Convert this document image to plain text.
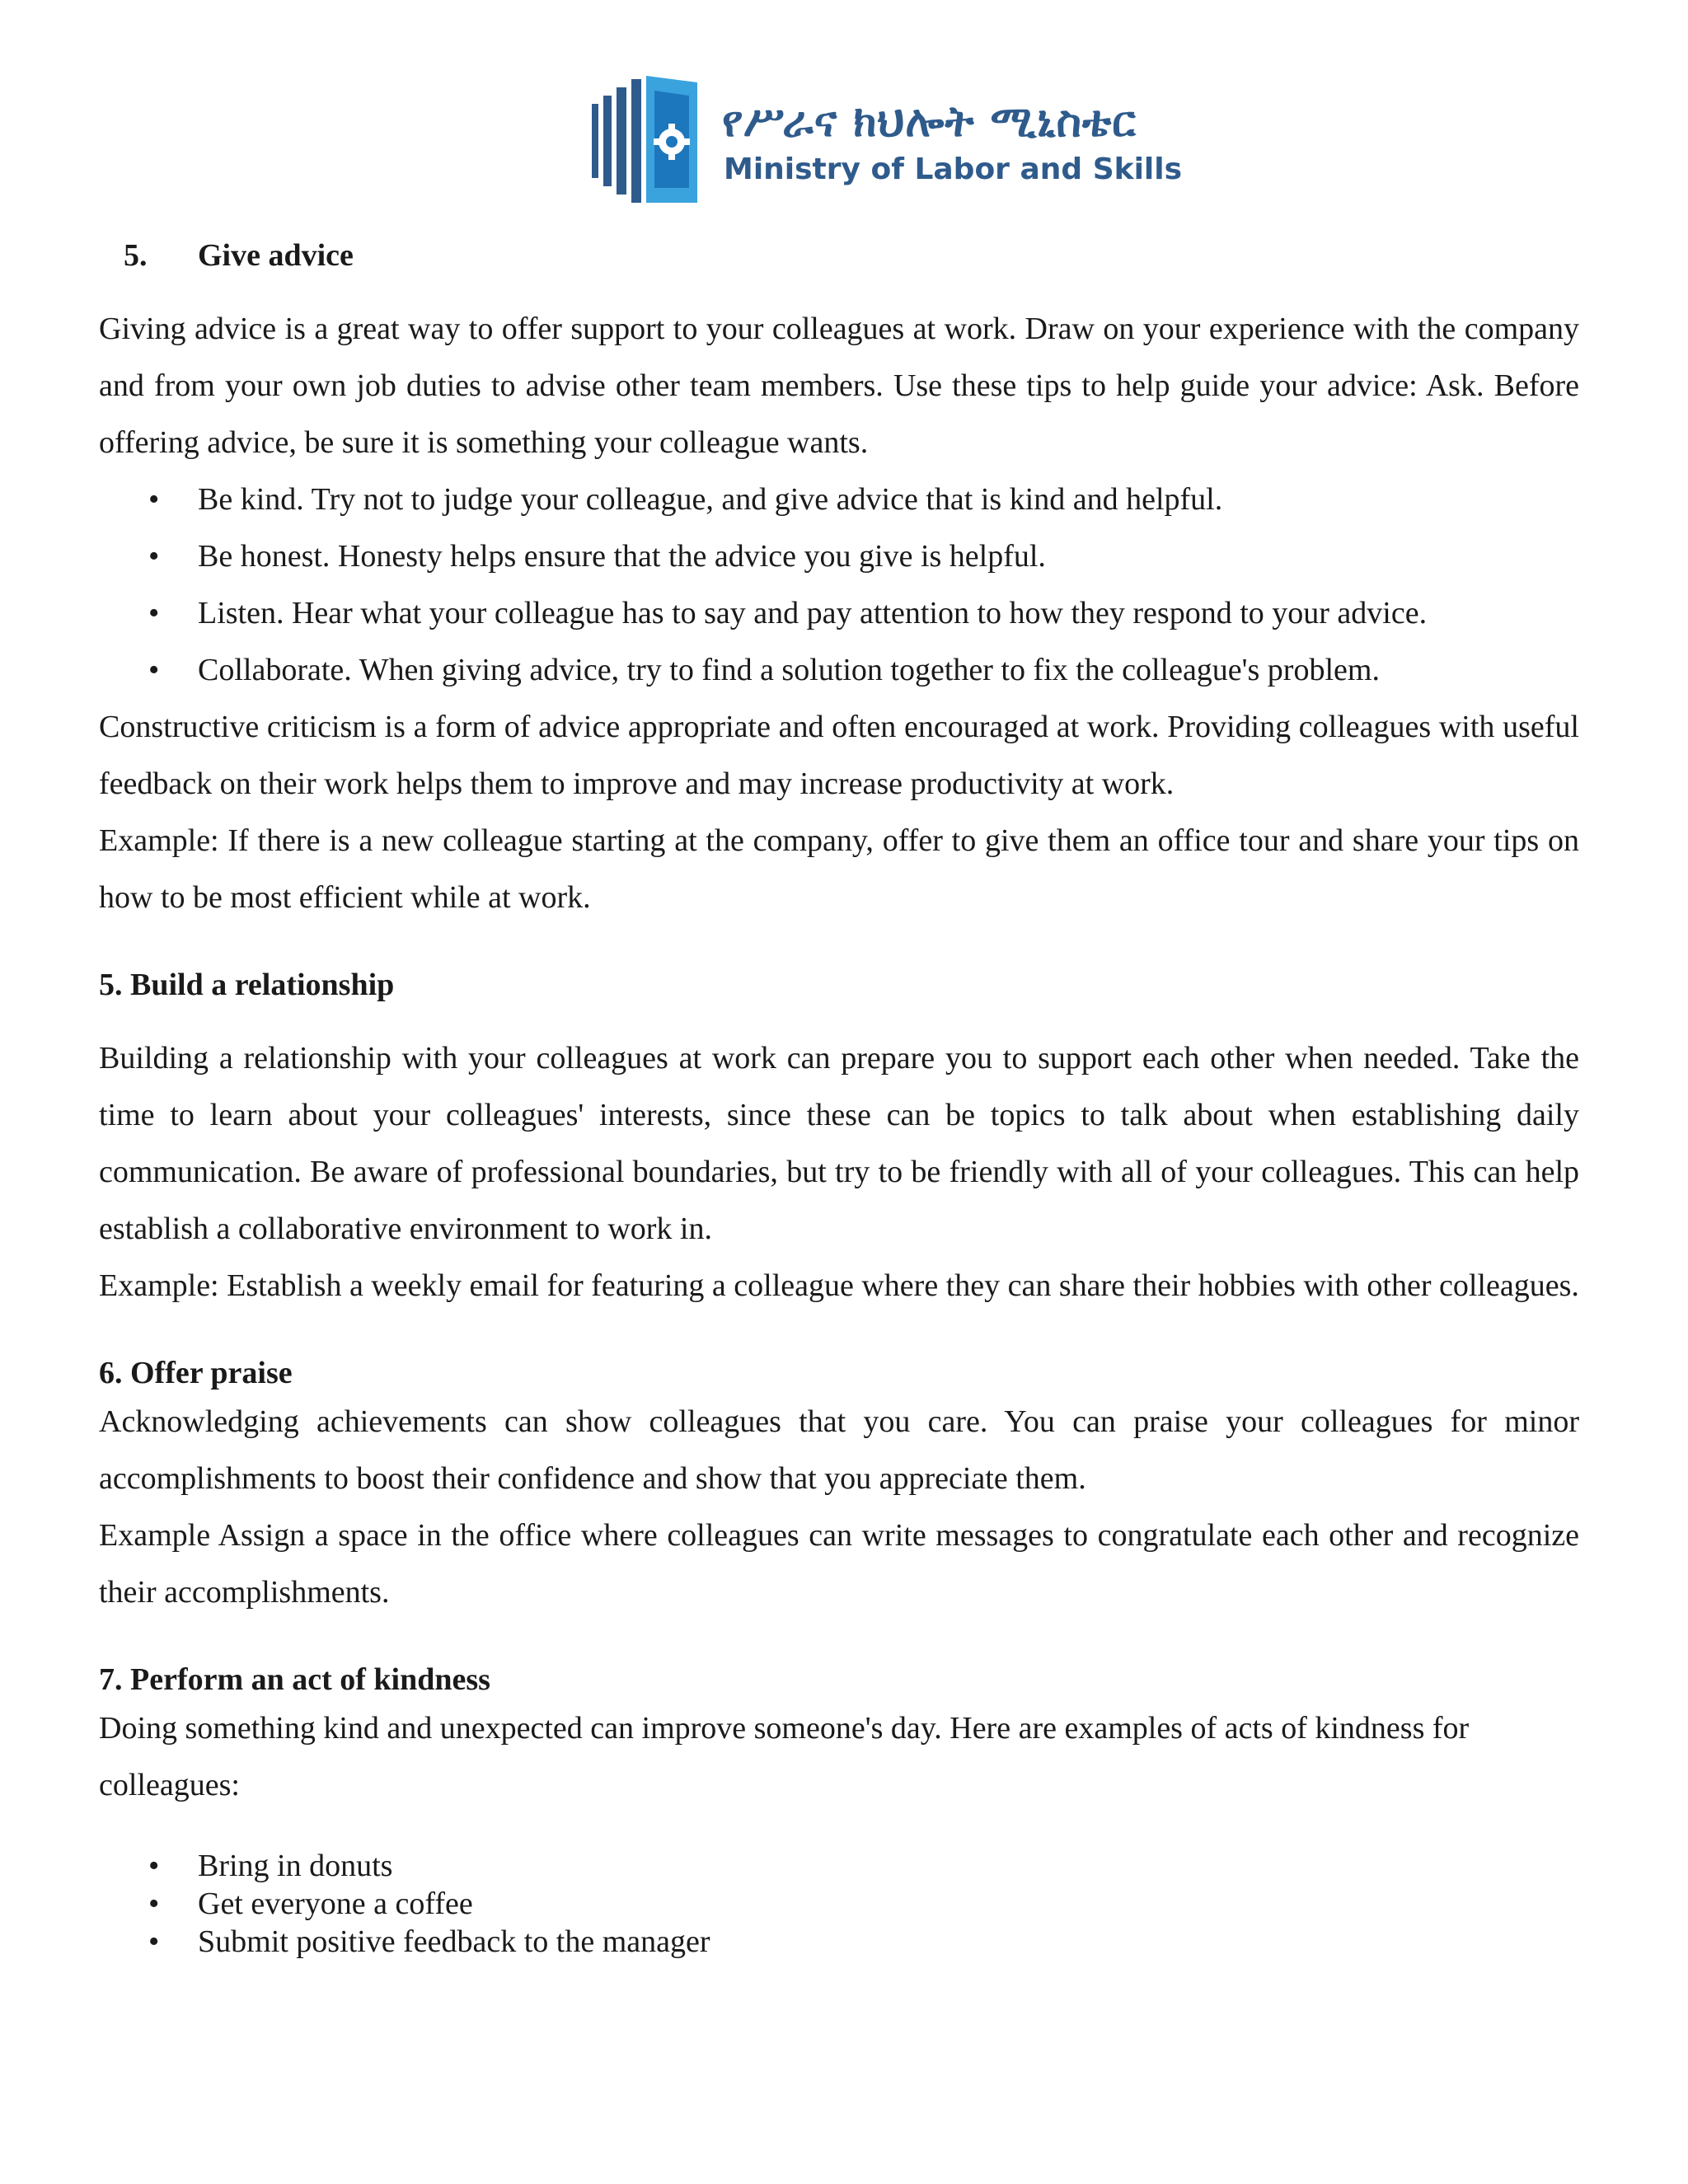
የሥራና ክህሎት ሚኒስቴር
Ministry of Labor and Skills
5.	Give advice

Giving advice is a great way to offer support to your colleagues at work. Draw on your experience with the company and from your own job duties to advise other team members. Use these tips to help guide your advice: Ask. Before offering advice, be sure it is something your colleague wants.

• Be kind. Try not to judge your colleague, and give advice that is kind and helpful.
• Be honest. Honesty helps ensure that the advice you give is helpful.
• Listen. Hear what your colleague has to say and pay attention to how they respond to your advice.
• Collaborate. When giving advice, try to find a solution together to fix the colleague's problem.

Constructive criticism is a form of advice appropriate and often encouraged at work. Providing colleagues with useful feedback on their work helps them to improve and may increase productivity at work.

Example: If there is a new colleague starting at the company, offer to give them an office tour and share your tips on how to be most efficient while at work.

5. Build a relationship

Building a relationship with your colleagues at work can prepare you to support each other when needed. Take the time to learn about your colleagues' interests, since these can be topics to talk about when establishing daily communication. Be aware of professional boundaries, but try to be friendly with all of your colleagues. This can help establish a collaborative environment to work in.

Example: Establish a weekly email for featuring a colleague where they can share their hobbies with other colleagues.

6. Offer praise

Acknowledging achievements can show colleagues that you care. You can praise your colleagues for minor accomplishments to boost their confidence and show that you appreciate them.

Example Assign a space in the office where colleagues can write messages to congratulate each other and recognize their accomplishments.

7. Perform an act of kindness

Doing something kind and unexpected can improve someone's day. Here are examples of acts of kindness for colleagues:

• Bring in donuts
• Get everyone a coffee
• Submit positive feedback to the manager
